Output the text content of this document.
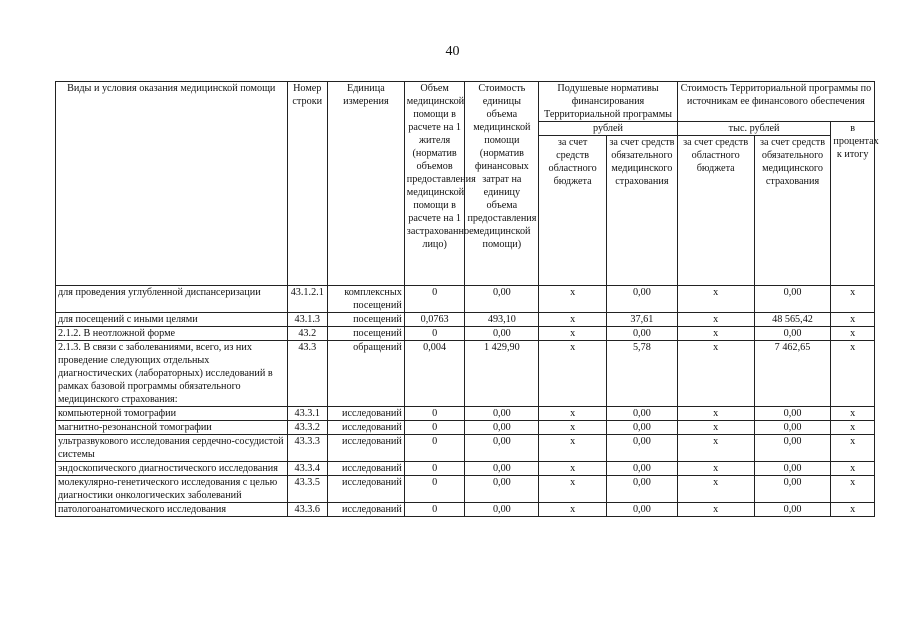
40
Виды и условия оказания медицинской помощи	Номер строки	Единица измерения	Объем медицинской помощи в расчете на 1 жителя (норматив объемов предоставления медицинской помощи в расчете на 1 застрахованное лицо)	Стоимость единицы объема медицинской помощи (норматив финансовых затрат на единицу объема предоставления медицинской помощи)	Подушевые нормативы финансирования Территориальной программы		Стоимость Территориальной программы по источникам ее финансового обеспечения		
					рублей		тыс. рублей		в процентах к итогу
					за счет средств областного бюджета	за счет средств обязательного медицинского страхования	за счет средств областного бюджета	за счет средств обязательного медицинского страхования	
для проведения углубленной диспансеризации	43.1.2.1	комплексных посещений	0	0,00	х	0,00	х	0,00	х
для посещений с иными целями	43.1.3	посещений	0,0763	493,10	х	37,61	х	48 565,42	х
2.1.2. В неотложной форме	43.2	посещений	0	0,00	х	0,00	х	0,00	х
2.1.3. В связи с заболеваниями, всего, из них проведение следующих отдельных диагностических (лабораторных) исследований в рамках базовой программы обязательного медицинского страхования:	43.3	обращений	0,004	1 429,90	х	5,78	х	7 462,65	х
компьютерной томографии	43.3.1	исследований	0	0,00	х	0,00	х	0,00	х
магнитно-резонансной томографии	43.3.2	исследований	0	0,00	х	0,00	х	0,00	х
ультразвукового исследования сердечно-сосудистой системы	43.3.3	исследований	0	0,00	х	0,00	х	0,00	х
эндоскопического диагностического исследования	43.3.4	исследований	0	0,00	х	0,00	х	0,00	х
молекулярно-генетического исследования с целью диагностики онкологических заболеваний	43.3.5	исследований	0	0,00	х	0,00	х	0,00	х
патологоанатомического исследования	43.3.6	исследований	0	0,00	х	0,00	х	0,00	х
